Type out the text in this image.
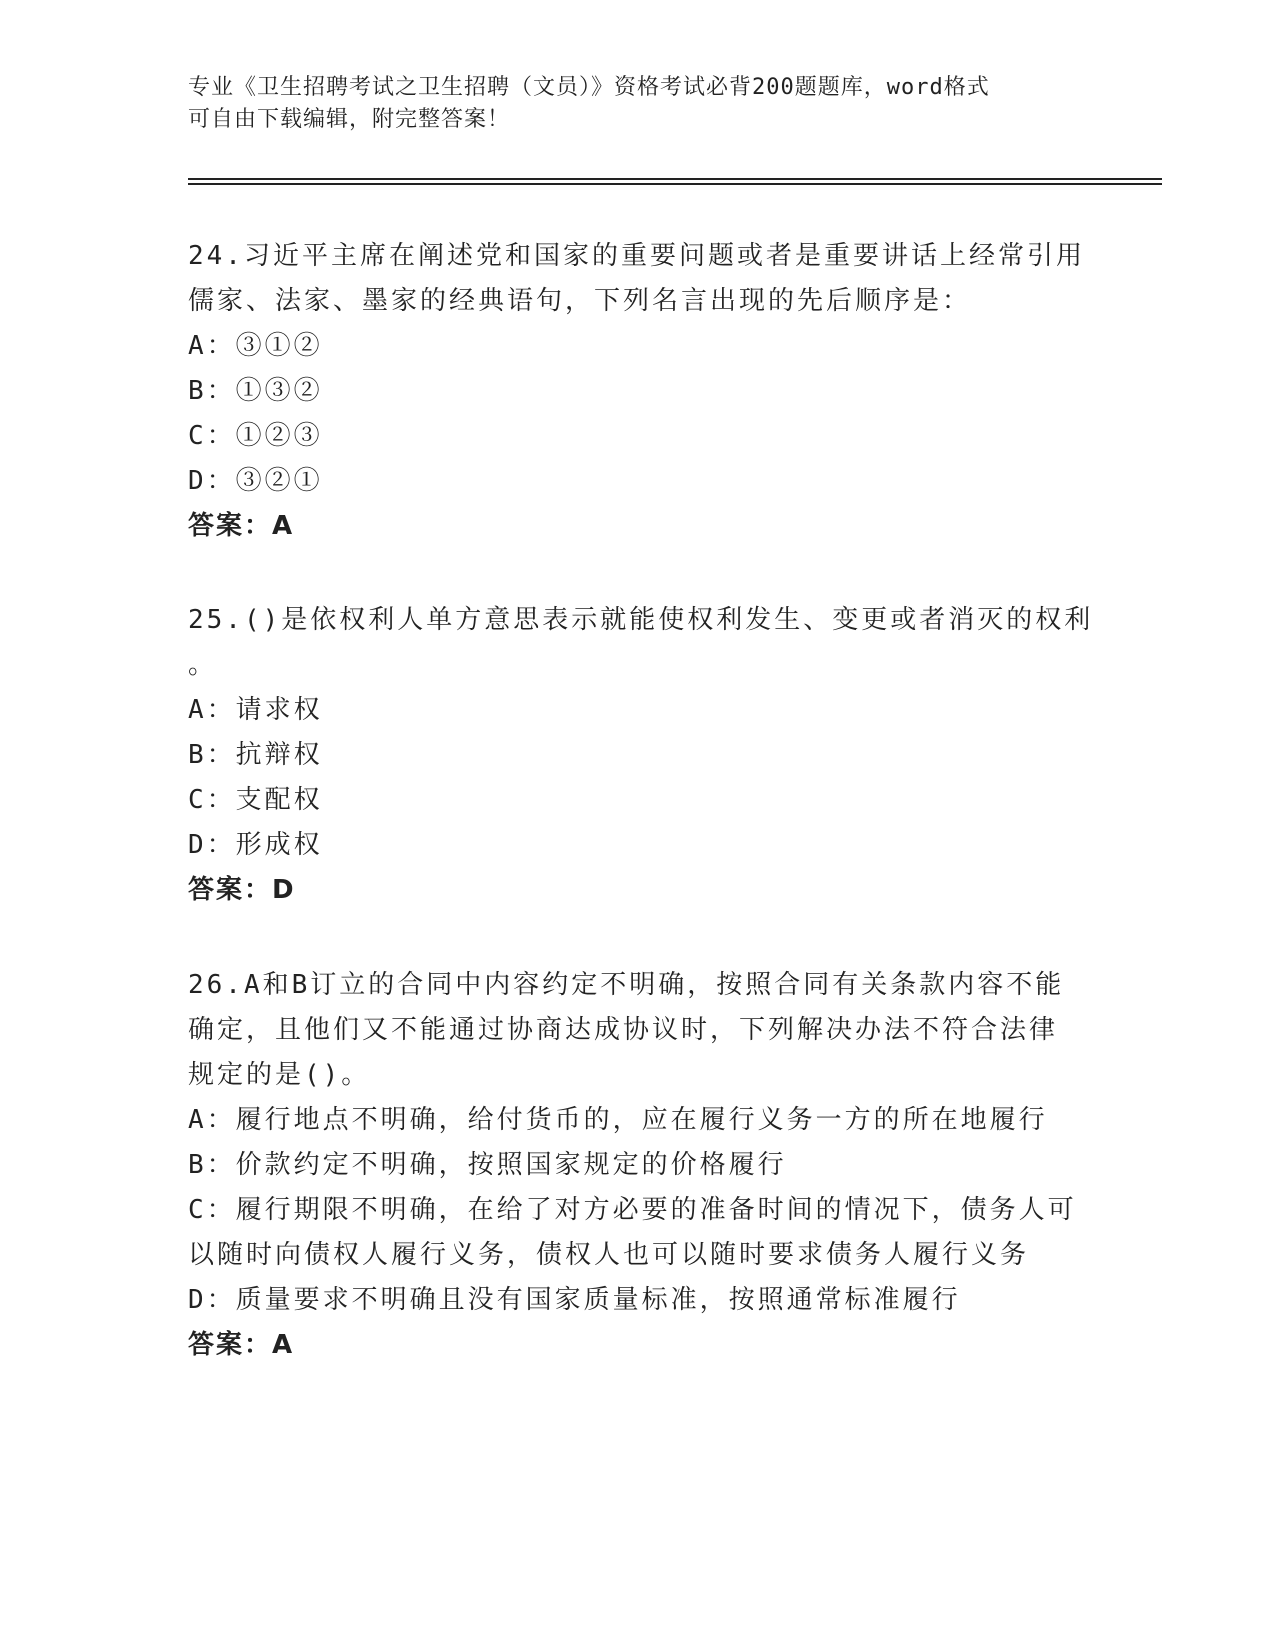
专业《卫生招聘考试之卫生招聘（文员）》资格考试必背200题题库，word格式
可自由下载编辑，附完整答案！
24.习近平主席在阐述党和国家的重要问题或者是重要讲话上经常引用
儒家、法家、墨家的经典语句，下列名言出现的先后顺序是：
A：③①②
B：①③②
C：①②③
D：③②①
答案：A
25.()是依权利人单方意思表示就能使权利发生、变更或者消灭的权利
。
A：请求权
B：抗辩权
C：支配权
D：形成权
答案：D
26.A和B订立的合同中内容约定不明确，按照合同有关条款内容不能
确定，且他们又不能通过协商达成协议时，下列解决办法不符合法律
规定的是()。
A：履行地点不明确，给付货币的，应在履行义务一方的所在地履行
B：价款约定不明确，按照国家规定的价格履行
C：履行期限不明确，在给了对方必要的准备时间的情况下，债务人可
以随时向债权人履行义务，债权人也可以随时要求债务人履行义务
D：质量要求不明确且没有国家质量标准，按照通常标准履行
答案：A
